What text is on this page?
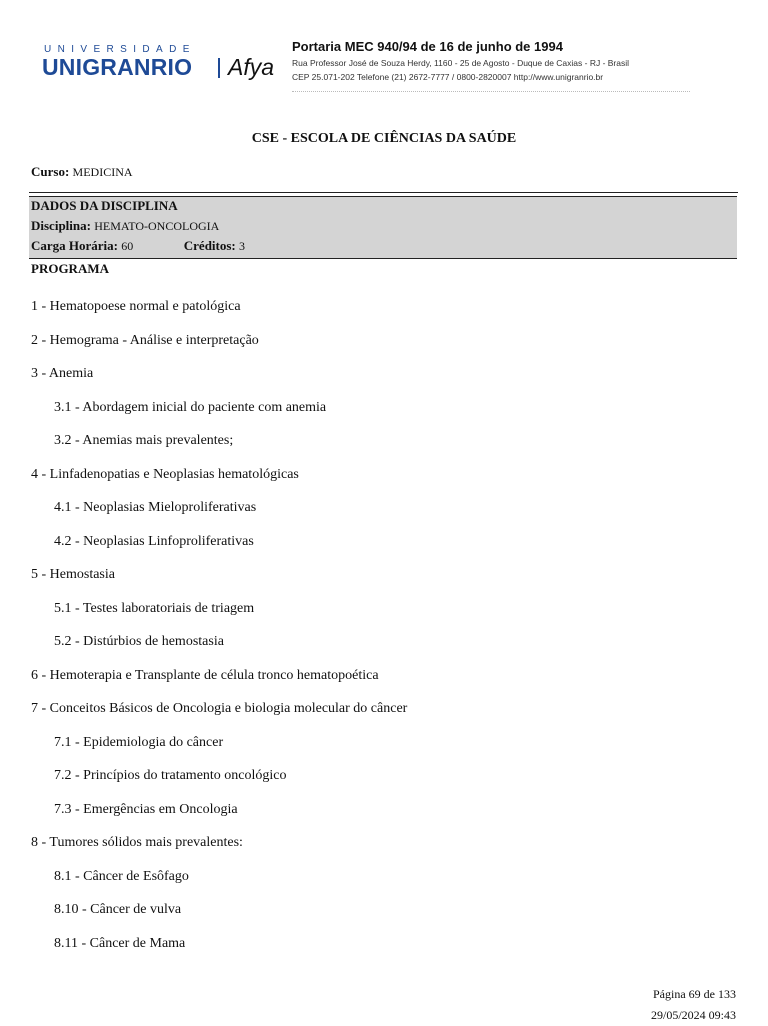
UNIVERSIDADE
UNIGRANRIO Afya

Portaria MEC 940/94 de 16 de junho de 1994

Rua Professor José de Souza Herdy, 1160 - 25 de Agosto - Duque de Caxias - RJ - Brasil

CEP 25.071-202 Telefone (21) 2672-7777 / 0800-2820007 http://www.unigranrio.br

CSE - ESCOLA DE CIÊNCIAS DA SAÚDE
Curso: MEDICINA
DADOS DA DISCIPLINA
Disciplina: HEMATO-ONCOLOGIA
Carga Horária: 60	Créditos: 3
PROGRAMA
1 - Hematopoese normal e patológica
2 - Hemograma - Análise e interpretação
3 - Anemia
3.1 - Abordagem inicial do paciente com anemia
3.2 - Anemias mais prevalentes;
4 - Linfadenopatias e Neoplasias hematológicas
4.1 - Neoplasias Mieloproliferativas
4.2 - Neoplasias Linfoproliferativas
5 - Hemostasia
5.1 - Testes laboratoriais de triagem
5.2 - Distúrbios de hemostasia
6 - Hemoterapia e Transplante de célula tronco hematopoética
7 - Conceitos Básicos de Oncologia e biologia molecular do câncer
7.1 - Epidemiologia do câncer
7.2 - Princípios do tratamento oncológico
7.3 - Emergências em Oncologia
8 - Tumores sólidos mais prevalentes:
8.1 - Câncer de Esôfago
8.10 - Câncer de vulva
8.11 - Câncer de Mama
Página 69 de 133
29/05/2024 09:43
